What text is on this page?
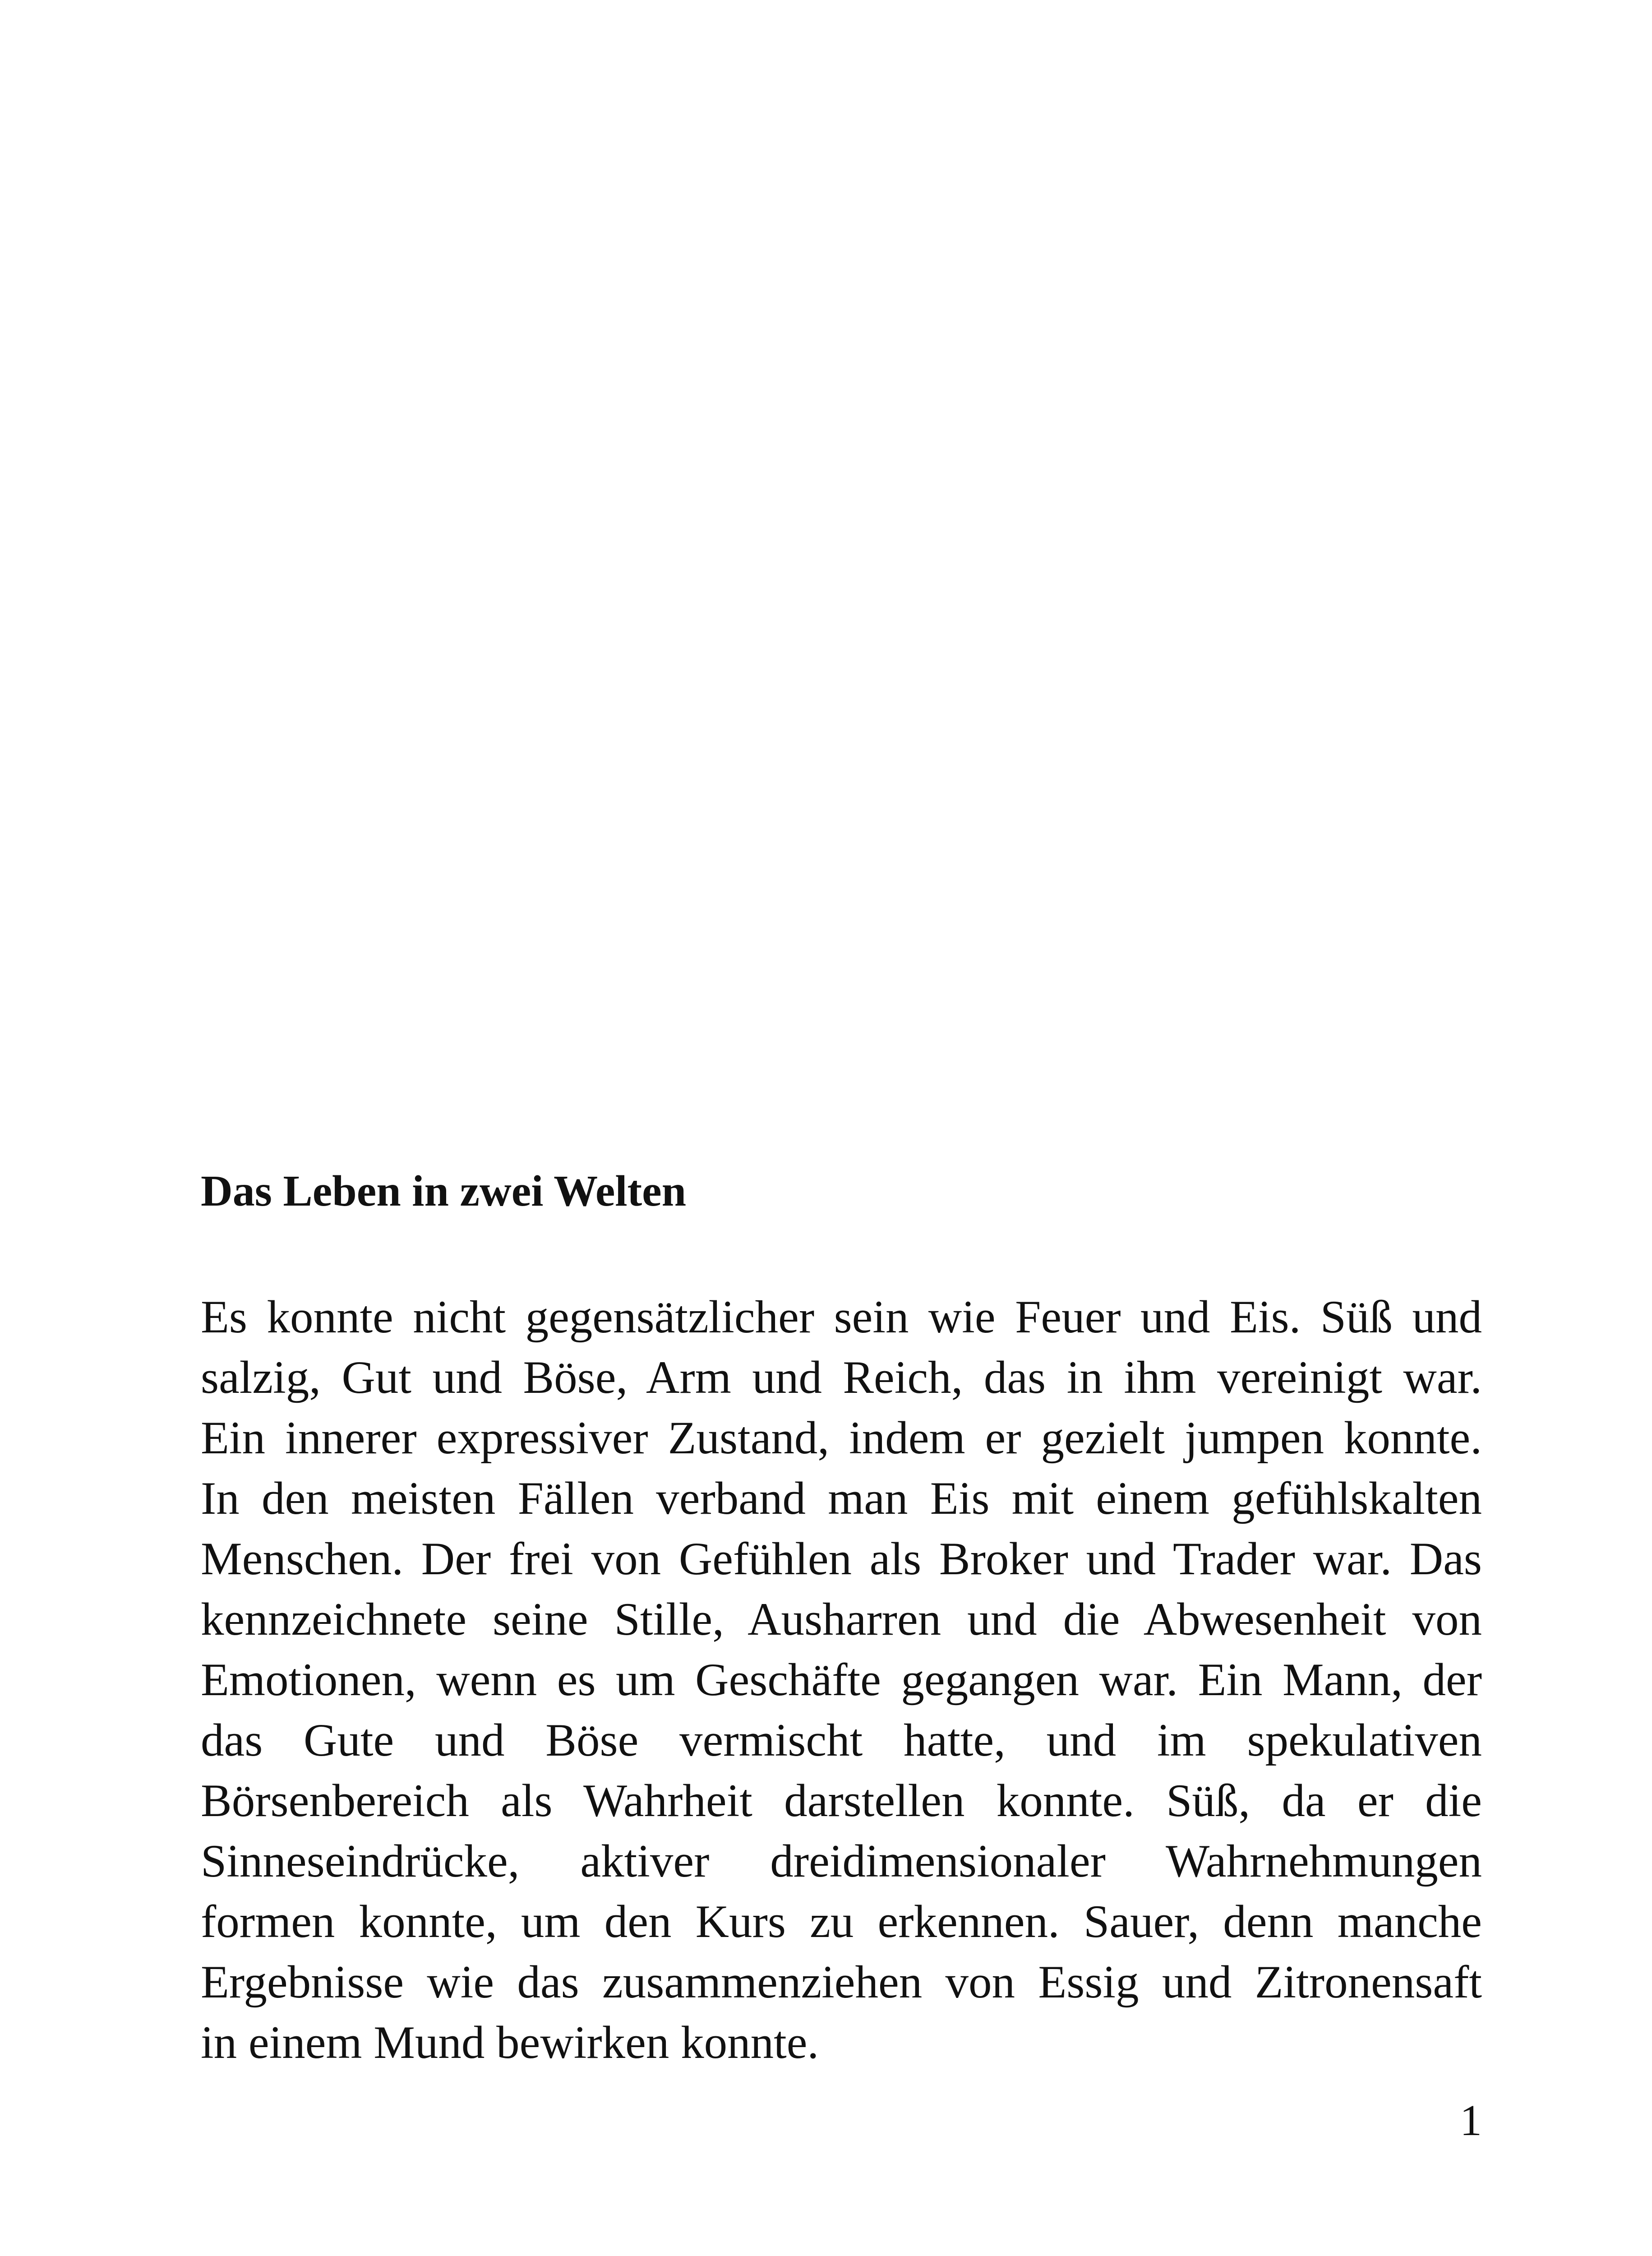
Das Leben in zwei Welten
Es konnte nicht gegensätzlicher sein wie Feuer und Eis. Süß und
salzig, Gut und Böse, Arm und Reich, das in ihm vereinigt war.
Ein innerer expressiver Zustand, indem er gezielt jumpen konnte.
In den meisten Fällen verband man Eis mit einem gefühlskalten
Menschen. Der frei von Gefühlen als Broker und Trader war. Das
kennzeichnete seine Stille, Ausharren und die Abwesenheit von
Emotionen, wenn es um Geschäfte gegangen war. Ein Mann, der
das Gute und Böse vermischt hatte, und im spekulativen
Börsenbereich als Wahrheit darstellen konnte. Süß, da er die
Sinneseindrücke, aktiver dreidimensionaler Wahrnehmungen
formen konnte, um den Kurs zu erkennen. Sauer, denn manche
Ergebnisse wie das zusammenziehen von Essig und Zitronensaft
in einem Mund bewirken konnte.
1
